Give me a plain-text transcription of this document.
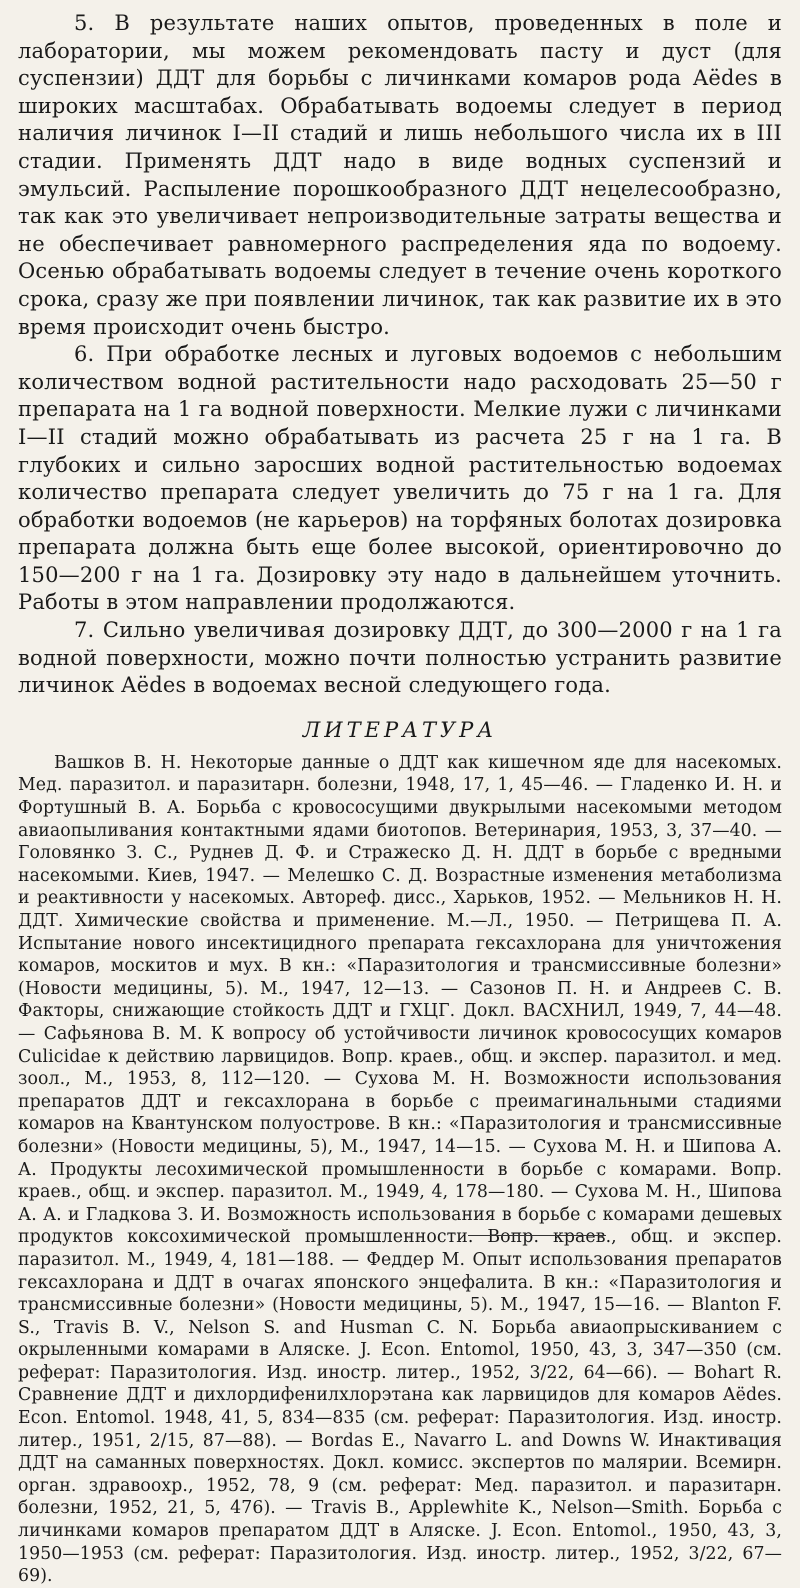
5. В результате наших опытов, проведенных в поле и лаборатории, мы можем рекомендовать пасту и дуст (для суспензии) ДДТ для борьбы с личинками комаров рода Aëdes в широких масштабах. Обрабатывать водоемы следует в период наличия личинок I—II стадий и лишь небольшого числа их в III стадии. Применять ДДТ надо в виде водных суспензий и эмульсий. Распыление порошкообразного ДДТ нецелесообразно, так как это увеличивает непроизводительные затраты вещества и не обеспечивает равномерного распределения яда по водоему. Осенью обрабатывать водоемы следует в течение очень короткого срока, сразу же при появлении личинок, так как развитие их в это время происходит очень быстро.

6. При обработке лесных и луговых водоемов с небольшим количеством водной растительности надо расходовать 25—50 г препарата на 1 га водной поверхности. Мелкие лужи с личинками I—II стадий можно обрабатывать из расчета 25 г на 1 га. В глубоких и сильно заросших водной растительностью водоемах количество препарата следует увеличить до 75 г на 1 га. Для обработки водоемов (не карьеров) на торфяных болотах дозировка препарата должна быть еще более высокой, ориентировочно до 150—200 г на 1 га. Дозировку эту надо в дальнейшем уточнить. Работы в этом направлении продолжаются.

7. Сильно увеличивая дозировку ДДТ, до 300—2000 г на 1 га водной поверхности, можно почти полностью устранить развитие личинок Aëdes в водоемах весной следующего года.

ЛИТЕРАТУРА

Вашков В. Н. Некоторые данные о ДДТ как кишечном яде для насекомых. Мед. паразитол. и паразитарн. болезни, 1948, 17, 1, 45—46. — Гладенко И. Н. и Фортушный В. А. Борьба с кровососущими двукрылыми насекомыми методом авиаопыливания контактными ядами биотопов. Ветеринария, 1953, 3, 37—40. — Головянко З. С., Руднев Д. Ф. и Стражеско Д. Н. ДДТ в борьбе с вредными насекомыми. Киев, 1947. — Мелешко С. Д. Возрастные изменения метаболизма и реактивности у насекомых. Автореф. дисс., Харьков, 1952. — Мельников Н. Н. ДДТ. Химические свойства и применение. М.—Л., 1950. — Петрищева П. А. Испытание нового инсектицидного препарата гексахлорана для уничтожения комаров, москитов и мух. В кн.: «Паразитология и трансмиссивные болезни» (Новости медицины, 5). М., 1947, 12—13. — Сазонов П. Н. и Андреев С. В. Факторы, снижающие стойкость ДДТ и ГХЦГ. Докл. ВАСХНИЛ, 1949, 7, 44—48. — Сафьянова В. М. К вопросу об устойчивости личинок кровососущих комаров Culicidae к действию ларвицидов. Вопр. краев., общ. и экспер. паразитол. и мед. зоол., М., 1953, 8, 112—120. — Сухова М. Н. Возможности использования препаратов ДДТ и гексахлорана в борьбе с преимагинальными стадиями комаров на Квантунском полуострове. В кн.: «Паразитология и трансмиссивные болезни» (Новости медицины, 5), М., 1947, 14—15. — Сухова М. Н. и Шипова А. А. Продукты лесохимической промышленности в борьбе с комарами. Вопр. краев., общ. и экспер. паразитол. М., 1949, 4, 178—180. — Сухова М. Н., Шипова А. А. и Гладкова З. И. Возможность использования в борьбе с комарами дешевых продуктов коксохимической промышленности. Вопр. краев., общ. и экспер. паразитол. М., 1949, 4, 181—188. — Феддер М. Опыт использования препаратов гексахлорана и ДДТ в очагах японского энцефалита. В кн.: «Паразитология и трансмиссивные болезни» (Новости медицины, 5). М., 1947, 15—16. — Blanton F. S., Travis B. V., Nelson S. and Husman C. N. Борьба авиаопрыскиванием с окрыленными комарами в Аляске. J. Econ. Entomol, 1950, 43, 3, 347—350 (см. реферат: Паразитология. Изд. иностр. литер., 1952, 3/22, 64—66). — Bohart R. Сравнение ДДТ и дихлордифенилхлорэтана как ларвицидов для комаров Aëdes. Econ. Entomol. 1948, 41, 5, 834—835 (см. реферат: Паразитология. Изд. иностр. литер., 1951, 2/15, 87—88). — Bordas E., Navarro L. and Downs W. Инактивация ДДТ на саманных поверхностях. Докл. комисс. экспертов по малярии. Всемирн. орган. здравоохр., 1952, 78, 9 (см. реферат: Мед. паразитол. и паразитарн. болезни, 1952, 21, 5, 476). — Travis B., Applewhite K., Nelson—Smith. Борьба с личинками комаров препаратом ДДТ в Аляске. J. Econ. Entomol., 1950, 43, 3, 1950—1953 (см. реферат: Паразитология. Изд. иностр. литер., 1952, 3/22, 67—69).
